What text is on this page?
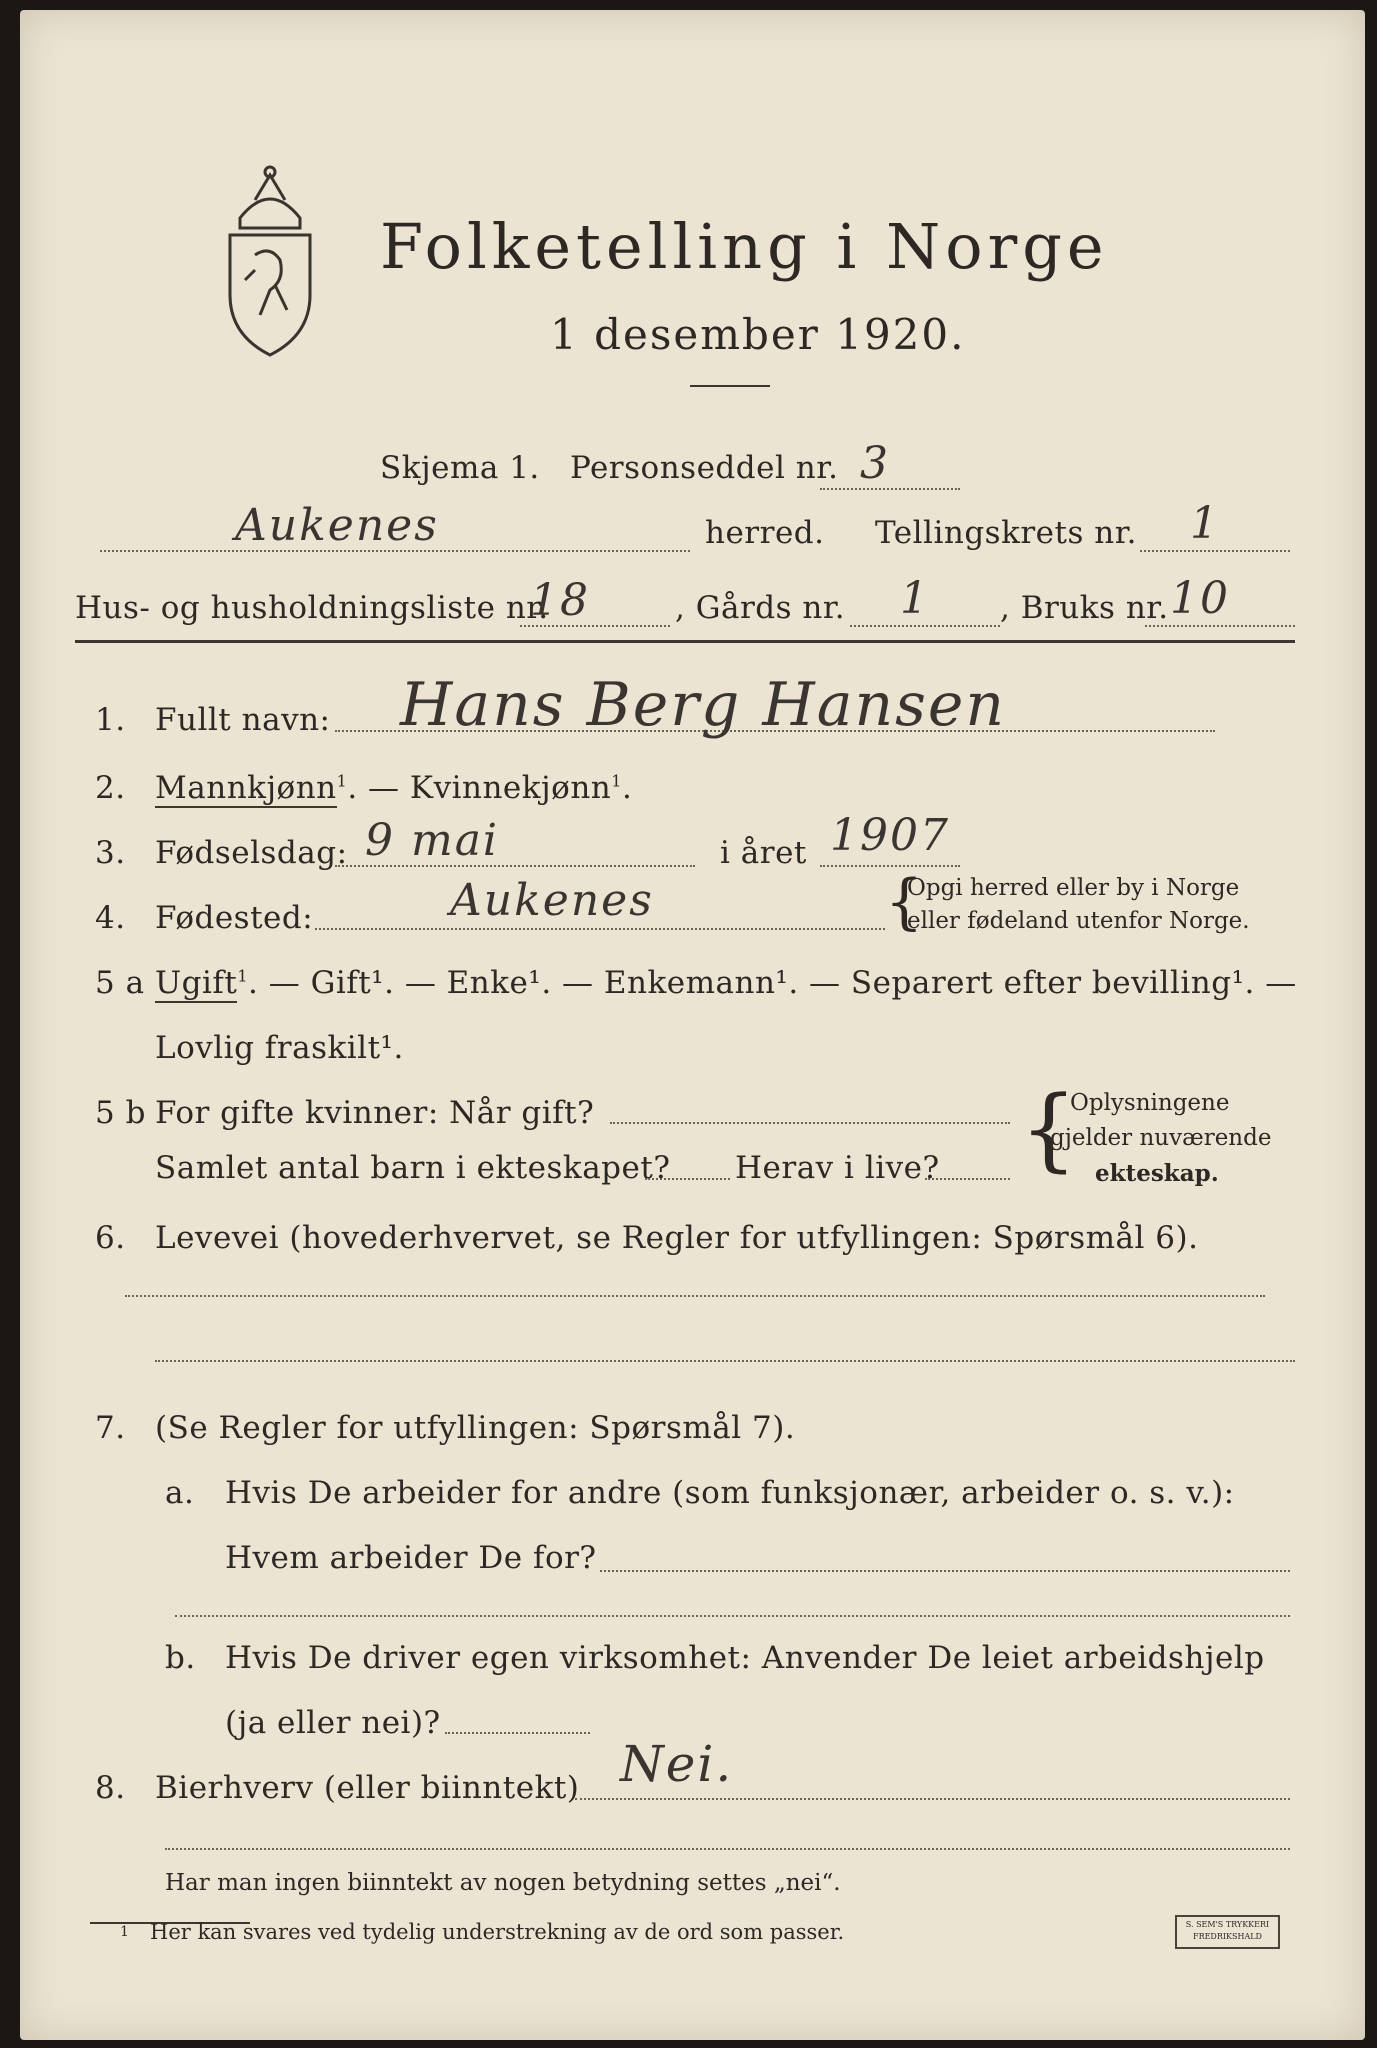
Folketelling i Norge
1 desember 1920.
Skjema 1. Personseddel nr. 3
Aukenes	herred. Tellingskrets nr. 1
Hus- og husholdningsliste nr.
18	, Gårds nr. 1 , Bruks nr. 10
1. Fullt navn: Hans Berg Hansen
2. Mannkjønn$^1$. — Kvinnekjønn$^1$.
3. Fødselsdag: 9 mai	i året 1907
4. Fødested:	Aukenes	{
Opgi herred eller by i Norge
eller fødeland utenfor Norge.
5 a Ugift$^1$. — Gift¹. — Enke¹. — Enkemann¹. — Separert efter bevilling¹. —
Lovlig fraskilt¹.
5 b For gifte kvinner: Når gift?
Samlet antal barn i ekteskapet? Herav i live? {
Oplysningene
gjelder nuværende
ekteskap.
6. Levevei (hovederhvervet, se Regler for utfyllingen: Spørsmål 6).
7. (Se Regler for utfyllingen: Spørsmål 7).
a. Hvis De arbeider for andre (som funksjonær, arbeider o. s. v.):
Hvem arbeider De for?
b. Hvis De driver egen virksomhet: Anvender De leiet arbeidshjelp
(ja eller nei)?
8. Bierhverv (eller biinntekt) Nei.
Har man ingen biinntekt av nogen betydning settes „nei“.
1 Her kan svares ved tydelig understrekning av de ord som passer.	S. SEM'S TRYKKERI
FREDRIKSHALD
